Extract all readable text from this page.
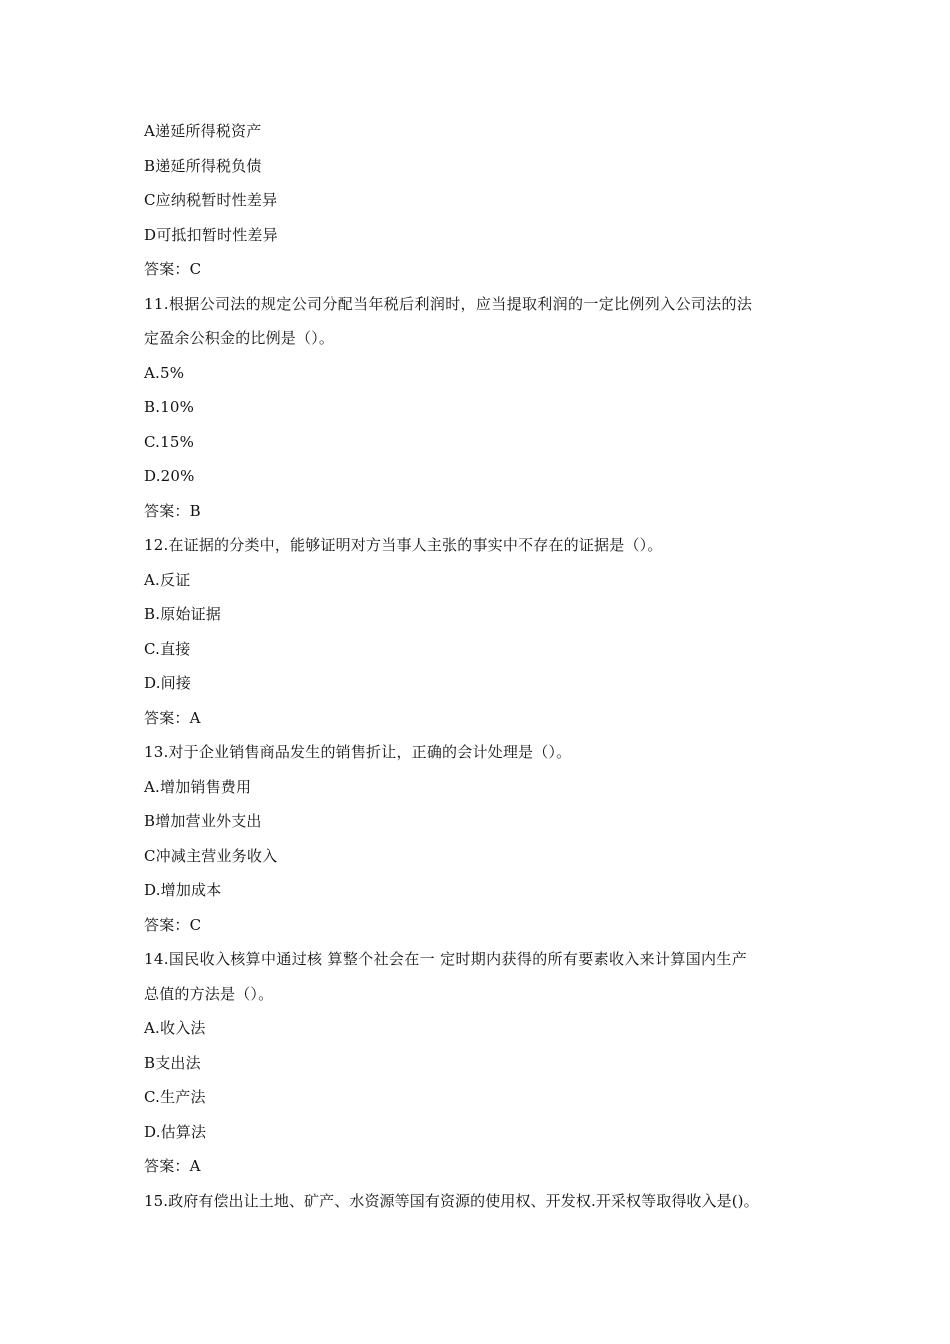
A递延所得税资产
B递延所得税负债
C应纳税暂时性差异
D可抵扣暂时性差异
答案：C
11.根据公司法的规定公司分配当年税后利润时，应当提取利润的一定比例列入公司法的法
定盈余公积金的比例是（）。
A.5%
B.10%
C.15%
D.20%
答案：B
12.在证据的分类中，能够证明对方当事人主张的事实中不存在的证据是（）。
A.反证
B.原始证据
C.直接
D.间接
答案：A
13.对于企业销售商品发生的销售折让，正确的会计处理是（）。
A.增加销售费用
B增加营业外支出
C冲减主营业务收入
D.增加成本
答案：C
14.国民收入核算中通过核 算整个社会在一 定时期内获得的所有要素收入来计算国内生产
总值的方法是（）。
A.收入法
B支出法
C.生产法
D.估算法
答案：A
15.政府有偿出让土地、矿产、水资源等国有资源的使用权、开发权.开采权等取得收入是()。
